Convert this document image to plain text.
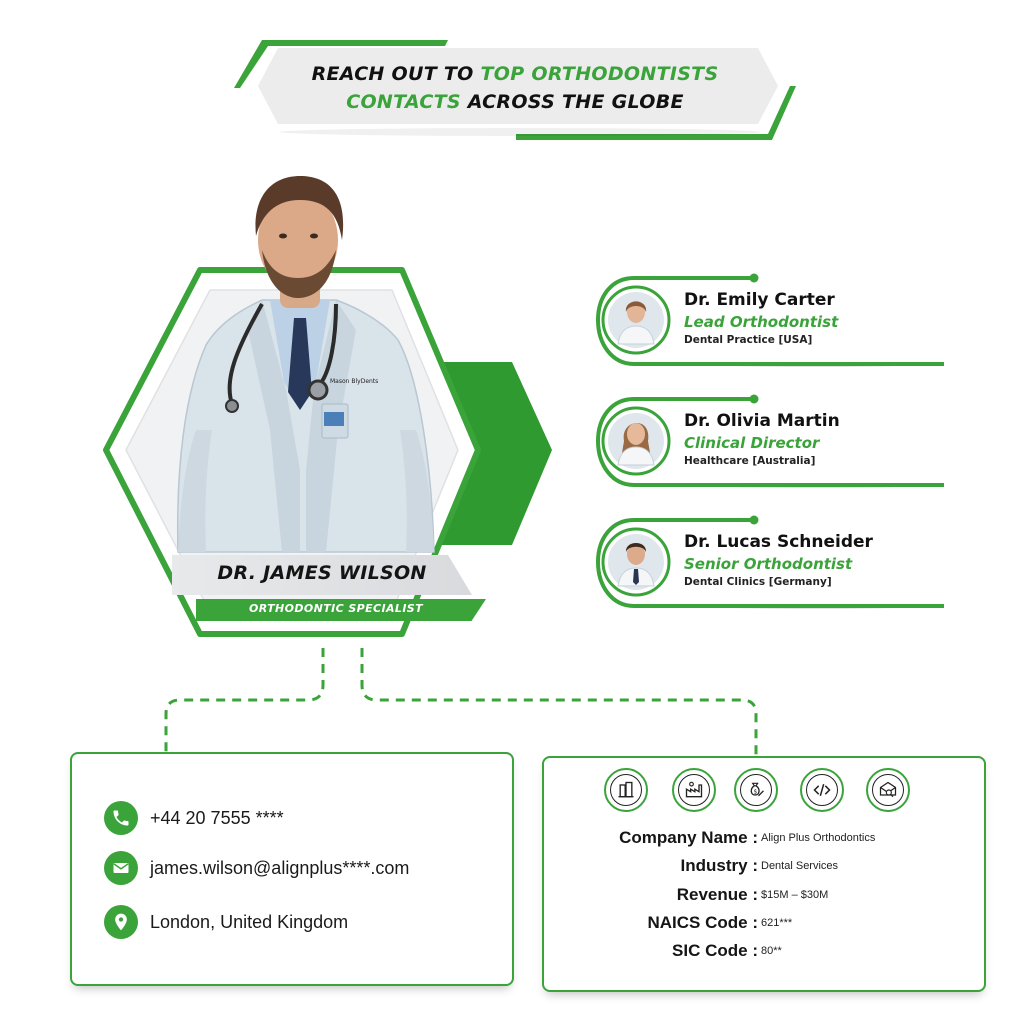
REACH OUT TO TOP ORTHODONTISTS
CONTACTS ACROSS THE GLOBE
Mason BlyDents
DR. JAMES WILSON
ORTHODONTIC SPECIALIST
Dr. Emily Carter
Lead Orthodontist
Dental Practice [USA]
Dr. Olivia Martin
Clinical Director
Healthcare [Australia]
Dr. Lucas Schneider
Senior Orthodontist
Dental Clinics [Germany]
+44 20 7555 ****
james.wilson@alignplus****.com
London, United Kingdom
$
Company Name : Align Plus Orthodontics
Industry : Dental Services
Revenue : $15M – $30M
NAICS Code : 621***
SIC Code : 80**
